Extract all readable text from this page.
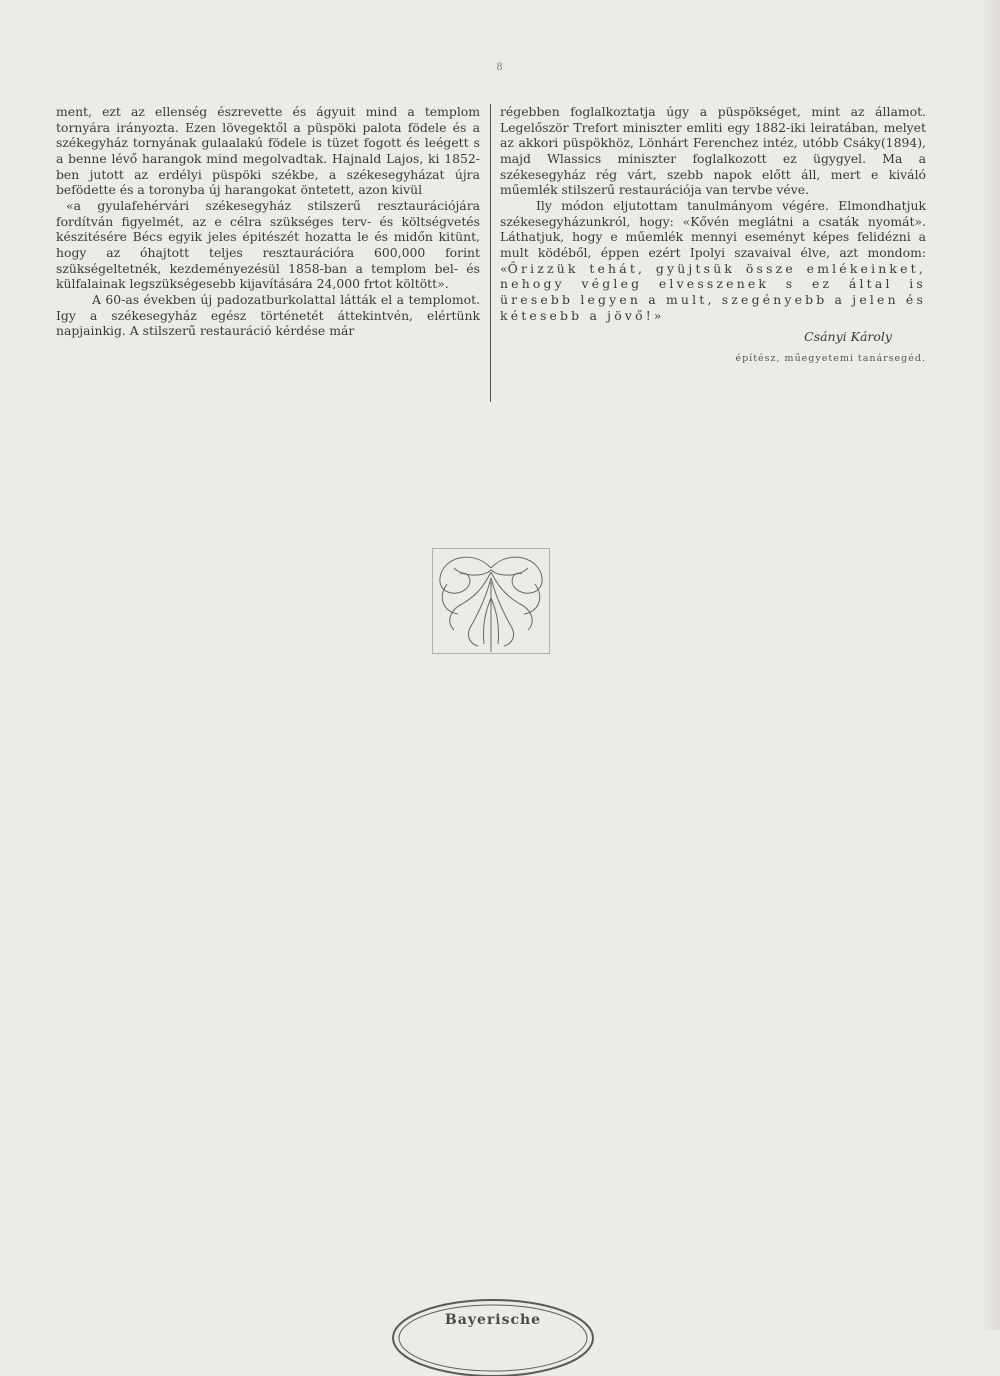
8

ment, ezt az ellenség észrevette és ágyuit mind a templom tornyára irányozta. Ezen lövegektől a püspöki palota födele és a székegyház tornyának gulaalakú födele is tüzet fogott és leégett s a benne lévő harangok mind megolvadtak. Hajnald Lajos, ki 1852-ben jutott az erdélyi püspöki székbe, a székesegyházat újra befödette és a toronyba új harangokat öntetett, azon kivül

«a gyulafehérvári székesegyház stilszerű resztaurációjára fordítván figyelmét, az e célra szükséges terv- és költségvetés készitésére Bécs egyik jeles épitészét hozatta le és midőn kitünt, hogy az óhajtott teljes resztaurációra 600,000 forint szükségeltetnék, kezdeményezésül 1858-ban a templom bel- és külfalainak legszükségesebb kijavítására 24,000 frtot költött».

A 60-as években új padozatburkolattal látták el a templomot. Igy a székesegyház egész történetét áttekintvén, elértünk napjainkig. A stilszerű restauráció kérdése már

régebben foglalkoztatja úgy a püspökséget, mint az államot. Legelőször Trefort miniszter emliti egy 1882-iki leiratában, melyet az akkori püspökhöz, Lönhárt Ferenchez intéz, utóbb Csáky(1894), majd Wlassics miniszter foglalkozott ez ügygyel. Ma a székesegyház rég várt, szebb napok előtt áll, mert e kiváló műemlék stilszerű restaurációja van tervbe véve.

Ily módon eljutottam tanulmányom végére. Elmondhatjuk székesegyházunkról, hogy: «Kővén meglátni a csaták nyomát». Láthatjuk, hogy e műemlék mennyi eseményt képes felidézni a mult ködéből, éppen ezért Ipolyi szavaival élve, azt mondom: «Őrizzük tehát, gyüjtsük össze emlékeinket, nehogy végleg elvesszenek s ez által is üresebb legyen a mult, szegényebb a jelen és kétesebb a jövő!»

Csányi Károly

építész, műegyetemi tanársegéd.

Bayerische
